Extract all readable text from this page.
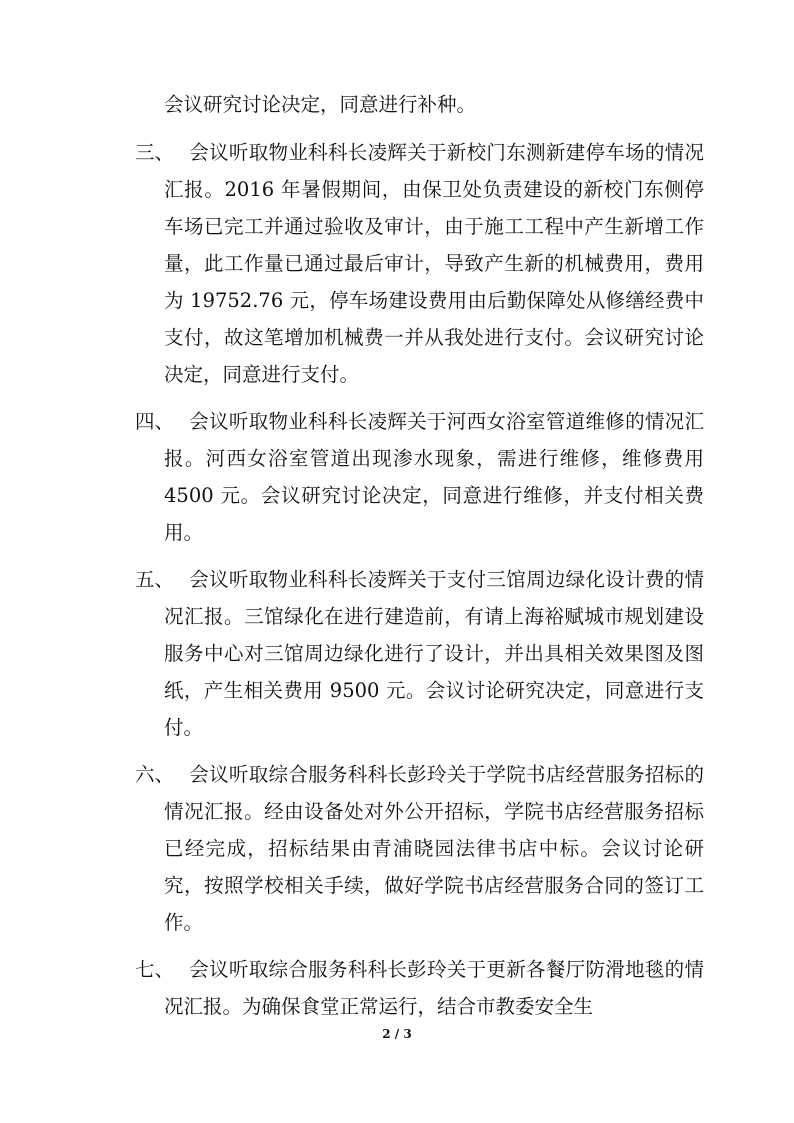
会议研究讨论决定，同意进行补种。
三、 会议听取物业科科长凌辉关于新校门东测新建停车场的情况汇报。2016 年暑假期间，由保卫处负责建设的新校门东侧停车场已完工并通过验收及审计，由于施工工程中产生新增工作量，此工作量已通过最后审计，导致产生新的机械费用，费用为 19752.76 元，停车场建设费用由后勤保障处从修缮经费中支付，故这笔增加机械费一并从我处进行支付。会议研究讨论决定，同意进行支付。
四、 会议听取物业科科长凌辉关于河西女浴室管道维修的情况汇报。河西女浴室管道出现渗水现象，需进行维修，维修费用 4500 元。会议研究讨论决定，同意进行维修，并支付相关费用。
五、 会议听取物业科科长凌辉关于支付三馆周边绿化设计费的情况汇报。三馆绿化在进行建造前，有请上海裕赋城市规划建设服务中心对三馆周边绿化进行了设计，并出具相关效果图及图纸，产生相关费用 9500 元。会议讨论研究决定，同意进行支付。
六、 会议听取综合服务科科长彭玲关于学院书店经营服务招标的情况汇报。经由设备处对外公开招标，学院书店经营服务招标已经完成，招标结果由青浦晓园法律书店中标。会议讨论研究，按照学校相关手续，做好学院书店经营服务合同的签订工作。
七、 会议听取综合服务科科长彭玲关于更新各餐厅防滑地毯的情况汇报。为确保食堂正常运行，结合市教委安全生
2 / 3
